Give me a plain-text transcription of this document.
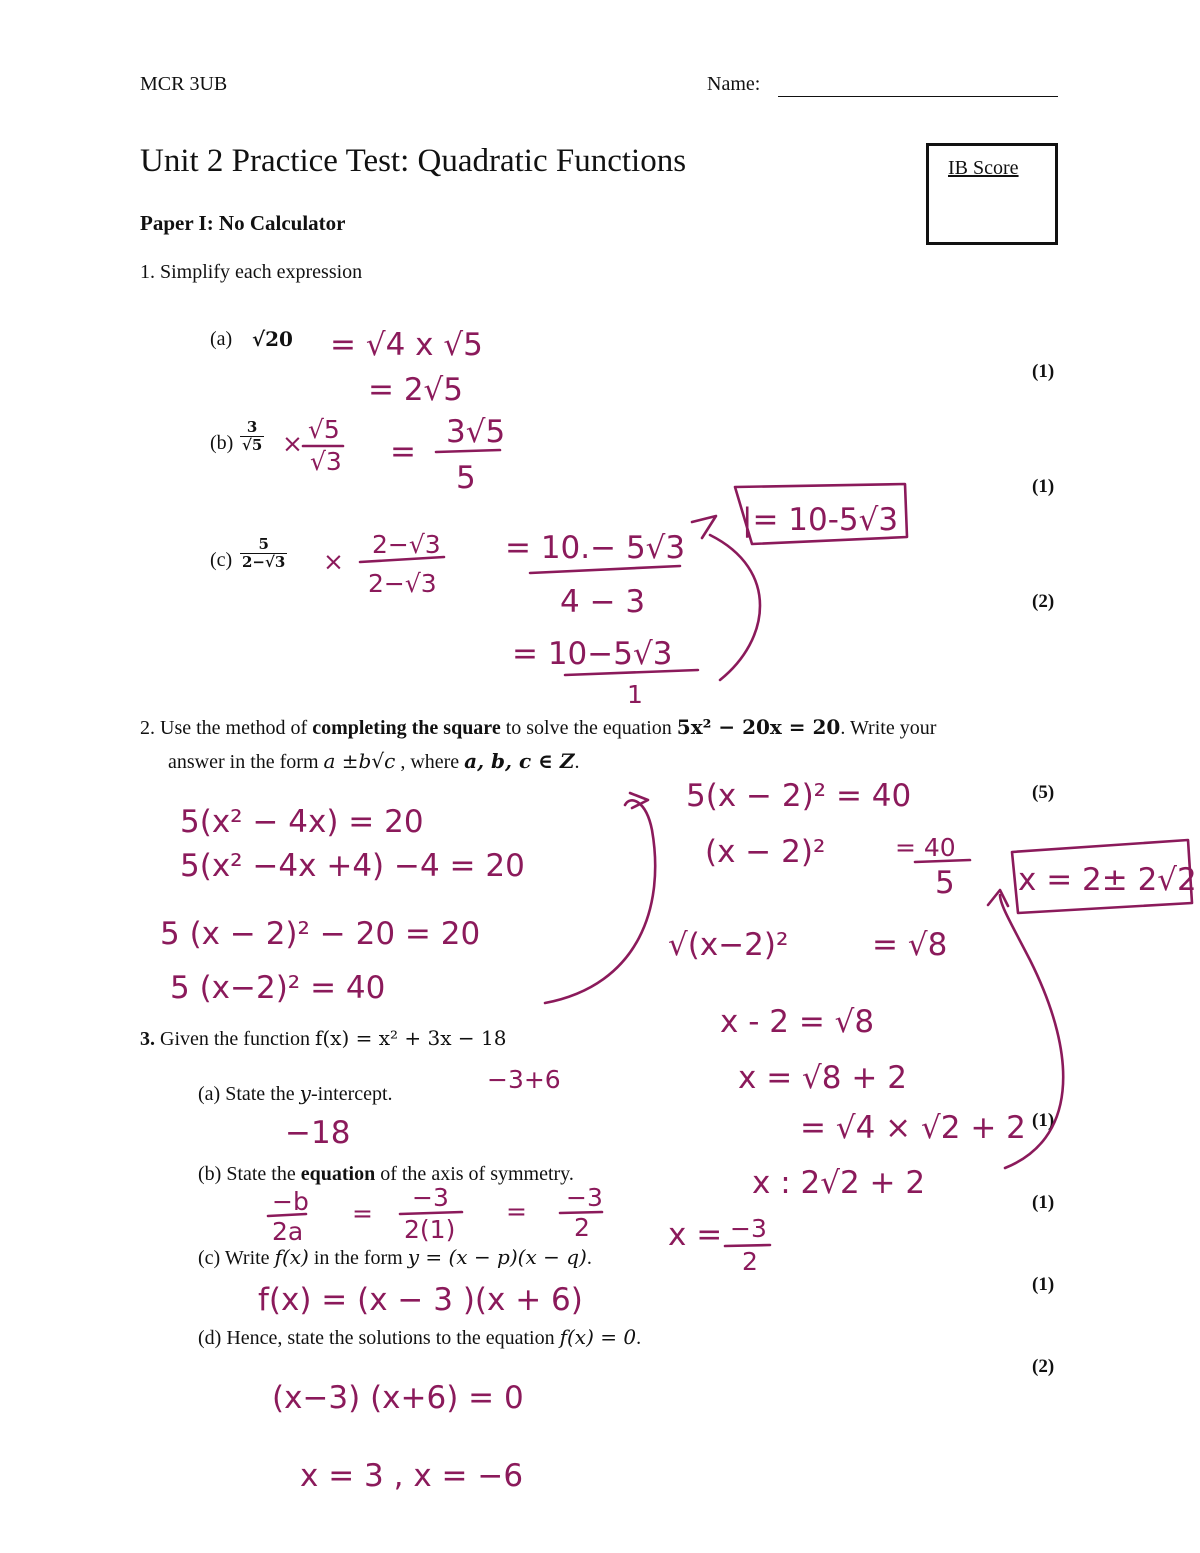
MCR 3UB	Name:
Unit 2 Practice Test: Quadratic Functions	IB Score
Paper I: No Calculator
1. Simplify each expression
(a) √20
(1)
$(b) \frac{3}{√5}$
(1)
$(c) \frac{5}{2-√3}$
(2)
2. Use the method of completing the square to solve the equation 5x² − 20x = 20. Write your
answer in the form a ±b√c , where a, b, c ∈ Z.
(5)
3. Given the function f(x) = x² + 3x − 18
(a) State the y-intercept.
(1)
(b) State the equation of the axis of symmetry.
(1)
(c) Write f(x) in the form y = (x − p)(x − q).
(1)
(d) Hence, state the solutions to the equation f(x) = 0.
(2)
= √4 x √5
= 2√5
× √5
√3 =
3√5
5
×
2−√3
2−√3
= 10.− 5√3
4 − 3
= 10−5√3
1
|= 10-5√3
5(x² − 4x) = 20
5(x² −4x +4) −4 = 20
5 (x − 2)² − 20 = 20
5 (x−2)² = 40
5(x − 2)² = 40
(x − 2)²	= 40
5
√(x−2)²	= √8
x - 2 = √8
x = √8 + 2
= √4 × √2 + 2
x : 2√2 + 2
x = 2± 2√2
−3+6
−18
−b
2a
=
−3
2(1)
= −3
2	x = −3
2
f(x) = (x − 3 )(x + 6)
(x−3) (x+6) = 0
x = 3 , x = −6
